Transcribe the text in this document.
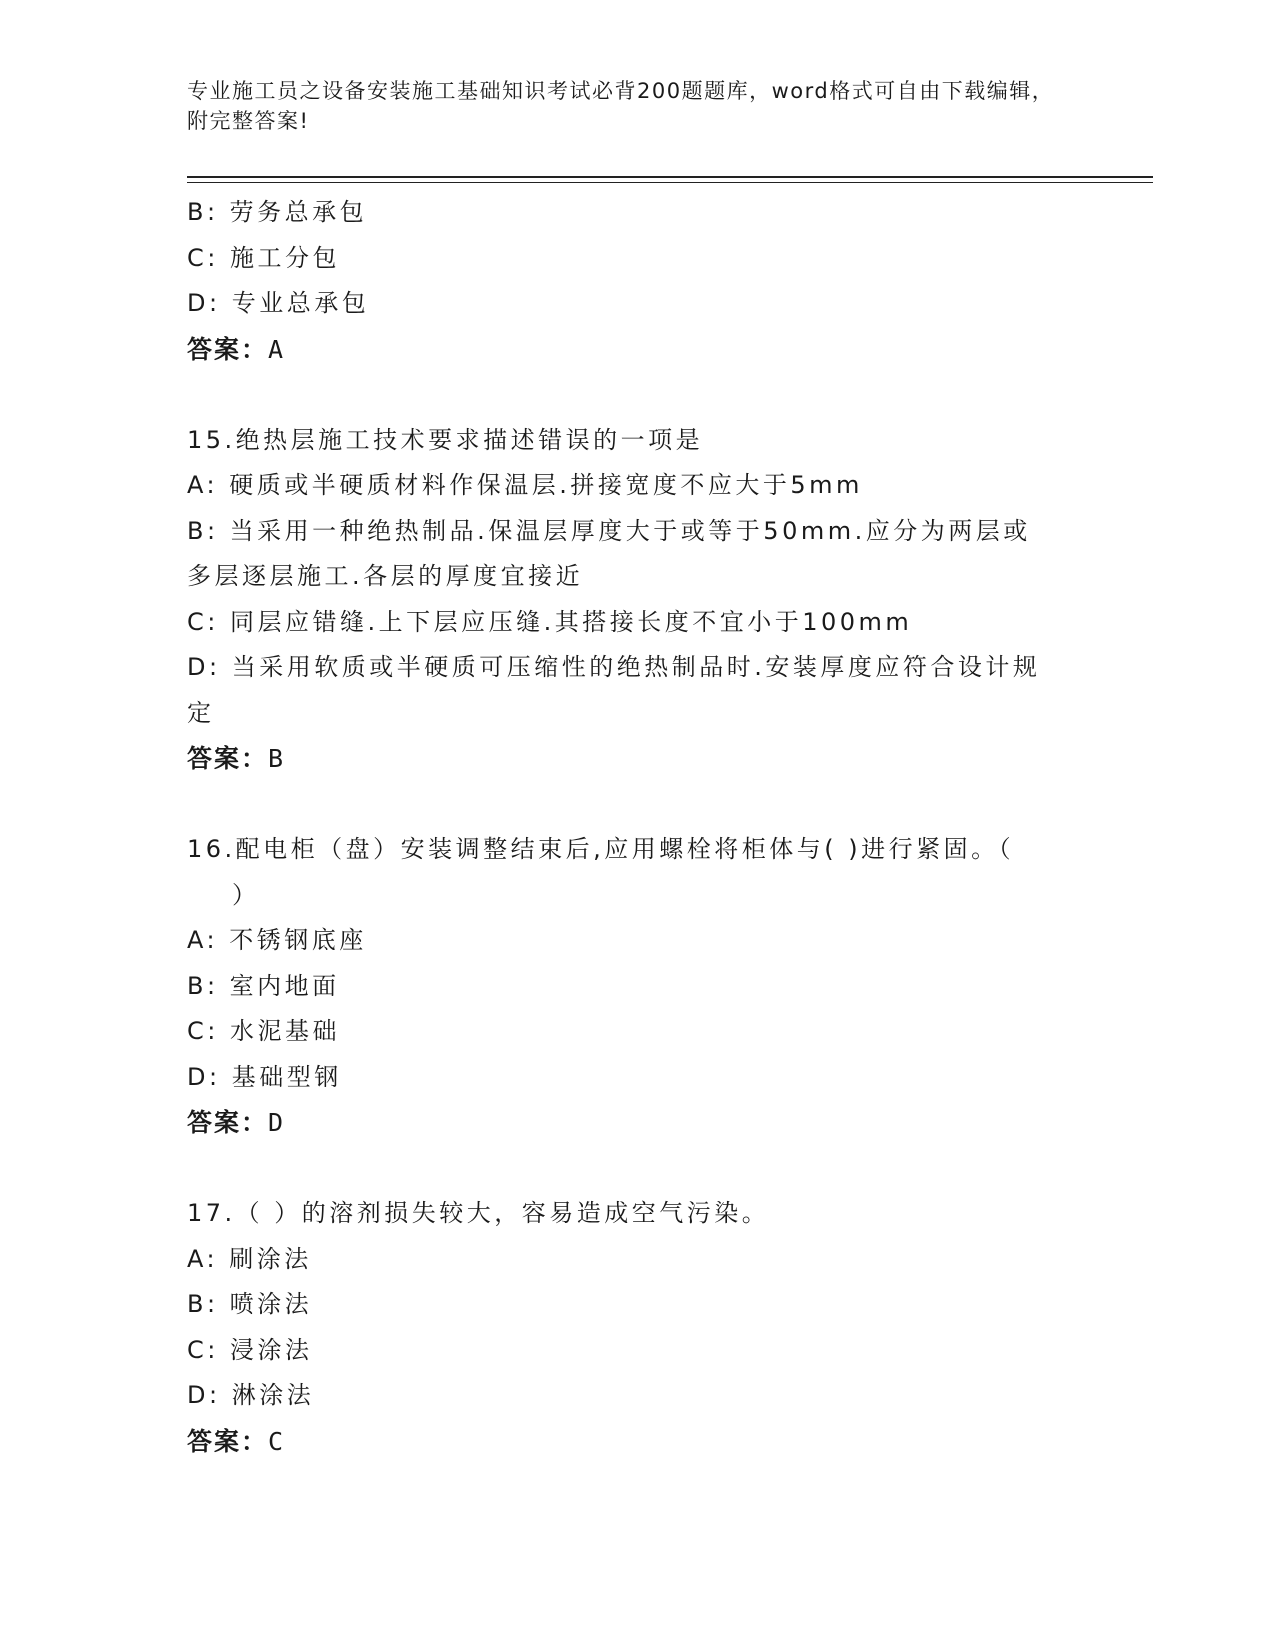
专业施工员之设备安装施工基础知识考试必背200题题库，word格式可自由下载编辑，附完整答案!
B: 劳务总承包
C: 施工分包
D: 专业总承包
答案：A
15.绝热层施工技术要求描述错误的一项是
A: 硬质或半硬质材料作保温层.拼接宽度不应大于5mm
B: 当采用一种绝热制品.保温层厚度大于或等于50mm.应分为两层或多层逐层施工.各层的厚度宜接近
C: 同层应错缝.上下层应压缝.其搭接长度不宜小于100mm
D: 当采用软质或半硬质可压缩性的绝热制品时.安装厚度应符合设计规定
答案：B
16.配电柜（盘）安装调整结束后,应用螺栓将柜体与( )进行紧固。（
）
A: 不锈钢底座
B: 室内地面
C: 水泥基础
D: 基础型钢
答案：D
17.（ ）的溶剂损失较大，容易造成空气污染。
A: 刷涂法
B: 喷涂法
C: 浸涂法
D: 淋涂法
答案：C
